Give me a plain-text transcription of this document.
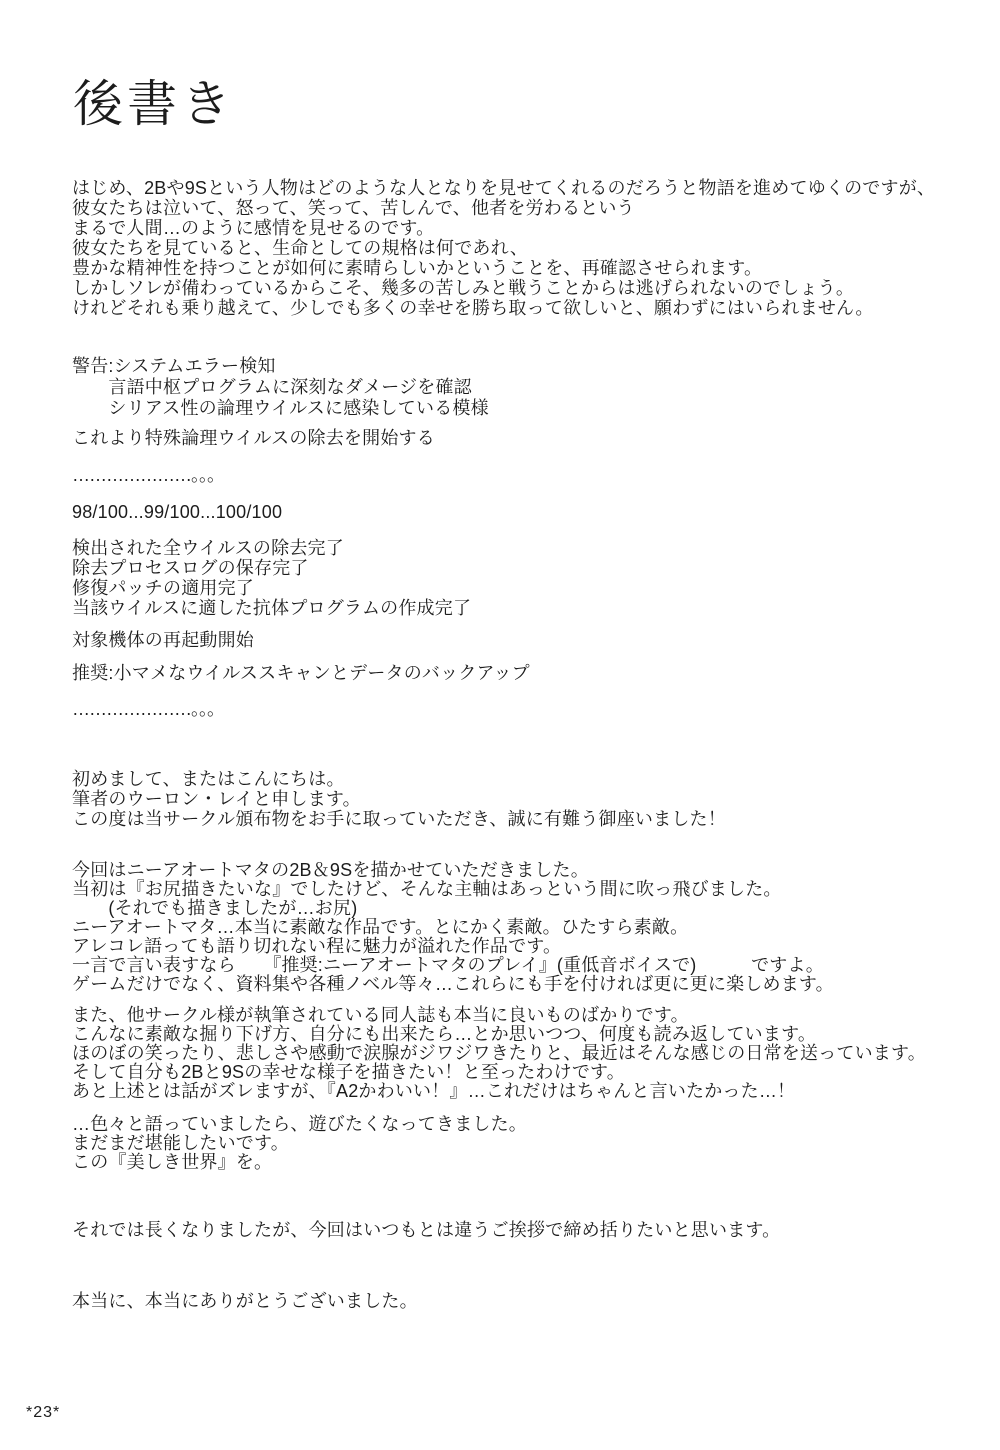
後書き
はじめ、2Bや9Sという人物はどのような人となりを見せてくれるのだろうと物語を進めてゆくのですが、
彼女たちは泣いて、怒って、笑って、苦しんで、他者を労わるという
まるで人間…のように感情を見せるのです。
彼女たちを見ていると、生命としての規格は何であれ、
豊かな精神性を持つことが如何に素晴らしいかということを、再確認させられます。
しかしソレが備わっているからこそ、幾多の苦しみと戦うことからは逃げられないのでしょう。
けれどそれも乗り越えて、少しでも多くの幸せを勝ち取って欲しいと、願わずにはいられません。
警告:システムエラー検知
　　言語中枢プログラムに深刻なダメージを確認
　　シリアス性の論理ウイルスに感染している模様
これより特殊論理ウイルスの除去を開始する
…………………。。。
98/100...99/100...100/100
検出された全ウイルスの除去完了
除去プロセスログの保存完了
修復パッチの適用完了
当該ウイルスに適した抗体プログラムの作成完了
対象機体の再起動開始
推奨:小マメなウイルススキャンとデータのバックアップ
…………………。。。
初めまして、またはこんにちは。
筆者のウーロン・レイと申します。
この度は当サークル頒布物をお手に取っていただき、誠に有難う御座いました！
今回はニーアオートマタの2B＆9Sを描かせていただきました。
当初は『お尻描きたいな』でしたけど、そんな主軸はあっという間に吹っ飛びました。
　　(それでも描きましたが…お尻)
ニーアオートマタ…本当に素敵な作品です。とにかく素敵。ひたすら素敵。
アレコレ語っても語り切れない程に魅力が溢れた作品です。
一言で言い表すなら　　『推奨:ニーアオートマタのプレイ』(重低音ボイスで)　　　ですよ。
ゲームだけでなく、資料集や各種ノベル等々…これらにも手を付ければ更に更に楽しめます。
また、他サークル様が執筆されている同人誌も本当に良いものばかりです。
こんなに素敵な掘り下げ方、自分にも出来たら…とか思いつつ、何度も読み返しています。
ほのぼの笑ったり、悲しさや感動で涙腺がジワジワきたりと、最近はそんな感じの日常を送っています。
そして自分も2Bと9Sの幸せな様子を描きたい！と至ったわけです。
あと上述とは話がズレますが、『A2かわいい！』…これだけはちゃんと言いたかった…！
…色々と語っていましたら、遊びたくなってきました。
まだまだ堪能したいです。
この『美しき世界』を。
それでは長くなりましたが、今回はいつもとは違うご挨拶で締め括りたいと思います。
本当に、本当にありがとうございました。
*23*
